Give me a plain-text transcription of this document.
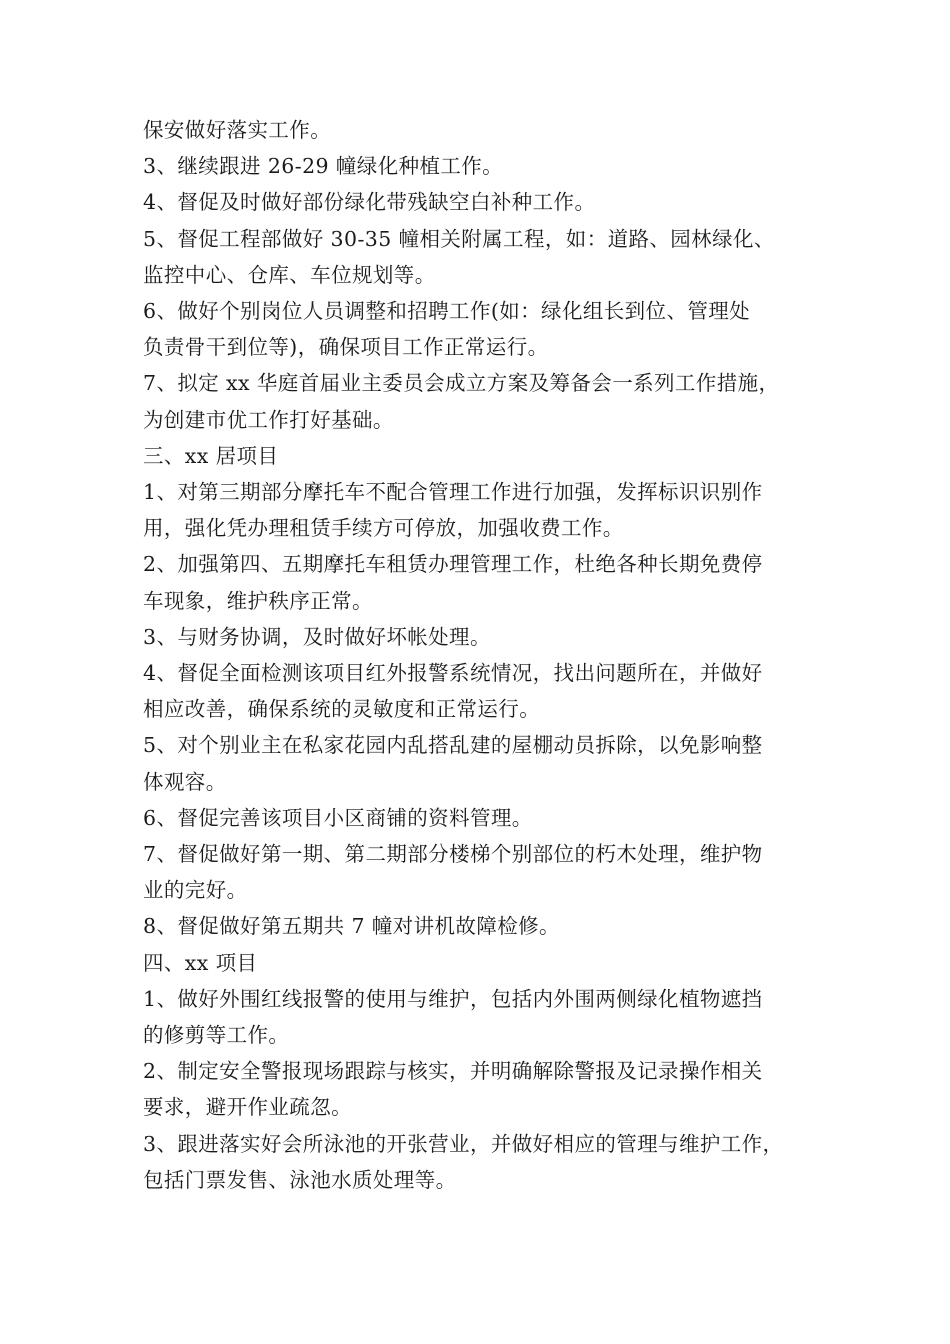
保安做好落实工作。

3、继续跟进 26-29 幢绿化种植工作。

4、督促及时做好部份绿化带残缺空白补种工作。

5、督促工程部做好 30-35 幢相关附属工程，如：道路、园林绿化、

监控中心、仓库、车位规划等。

6、做好个别岗位人员调整和招聘工作(如：绿化组长到位、管理处

负责骨干到位等)，确保项目工作正常运行。

7、拟定 xx 华庭首届业主委员会成立方案及筹备会一系列工作措施，

为创建市优工作打好基础。

三、xx 居项目

1、对第三期部分摩托车不配合管理工作进行加强，发挥标识识别作

用，强化凭办理租赁手续方可停放，加强收费工作。

2、加强第四、五期摩托车租赁办理管理工作，杜绝各种长期免费停

车现象，维护秩序正常。

3、与财务协调，及时做好坏帐处理。

4、督促全面检测该项目红外报警系统情况，找出问题所在，并做好

相应改善，确保系统的灵敏度和正常运行。

5、对个别业主在私家花园内乱搭乱建的屋棚动员拆除，以免影响整

体观容。

6、督促完善该项目小区商铺的资料管理。

7、督促做好第一期、第二期部分楼梯个别部位的朽木处理，维护物

业的完好。

8、督促做好第五期共 7 幢对讲机故障检修。

四、xx 项目

1、做好外围红线报警的使用与维护，包括内外围两侧绿化植物遮挡

的修剪等工作。

2、制定安全警报现场跟踪与核实，并明确解除警报及记录操作相关

要求，避开作业疏忽。

3、跟进落实好会所泳池的开张营业，并做好相应的管理与维护工作，

包括门票发售、泳池水质处理等。
